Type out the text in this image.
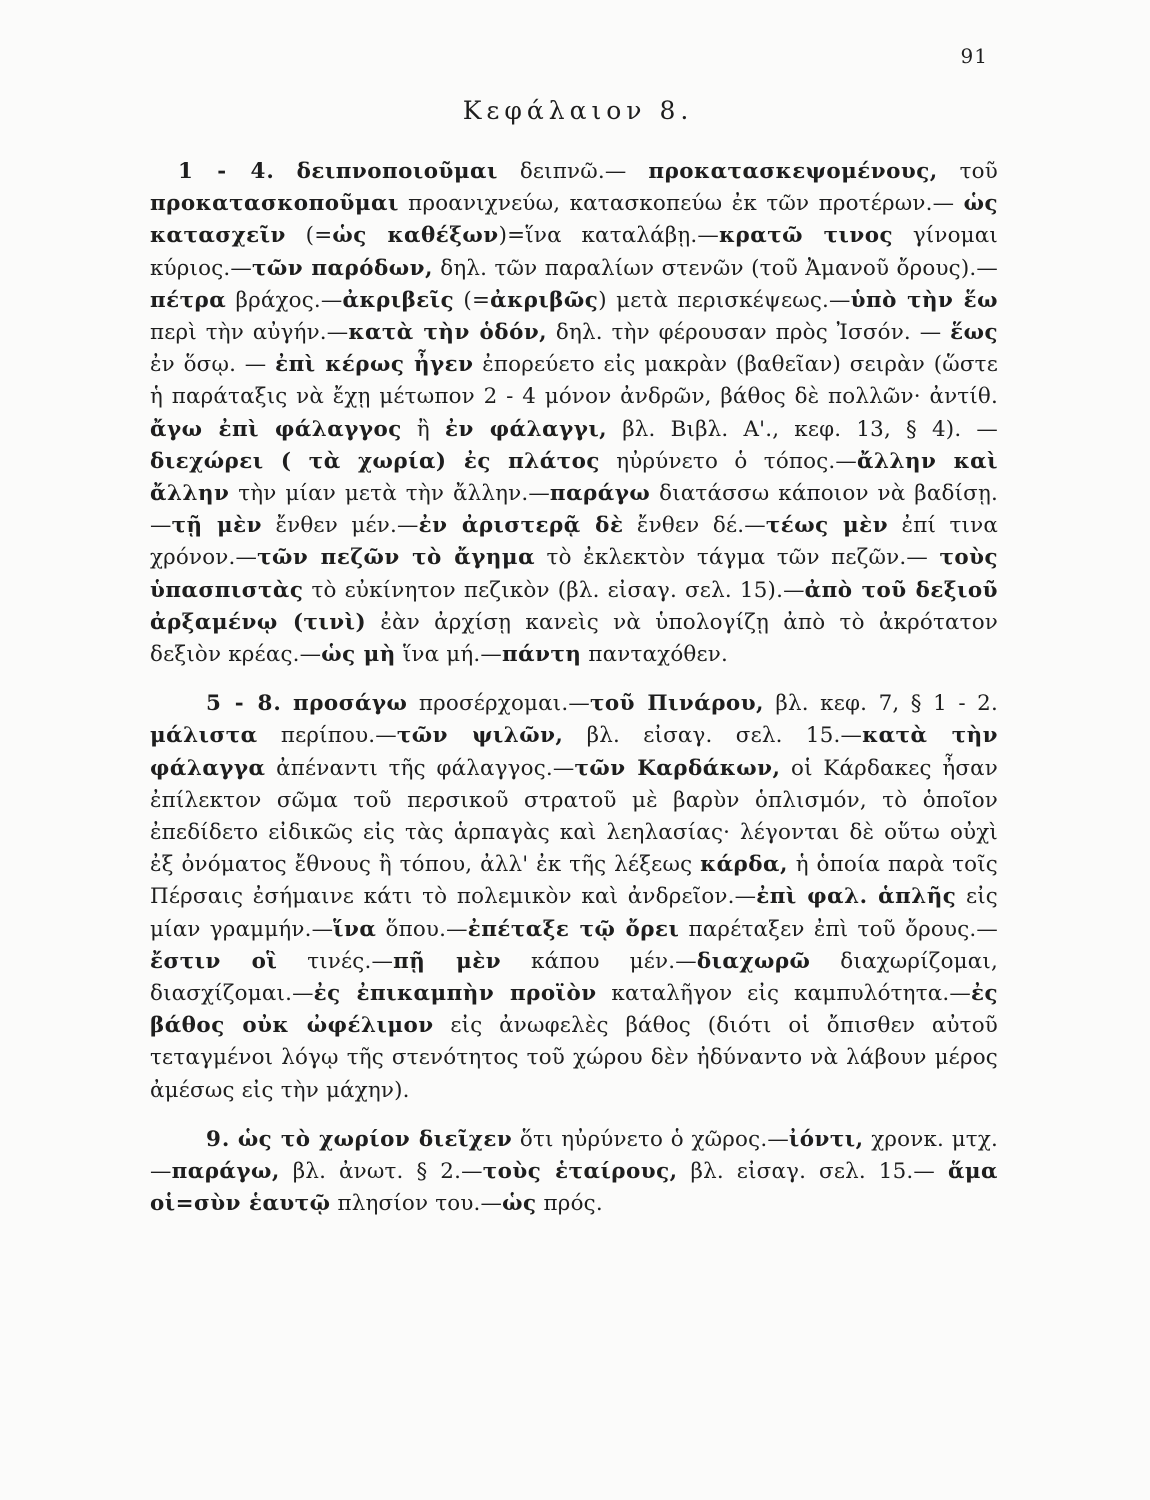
91
Κεφάλαιον 8.

1 - 4. δειπνοποιοῦμαι δειπνῶ.— προκατασκεψομένους, τοῦ προκατασκοποῦμαι προανιχνεύω, κατασκοπεύω ἐκ τῶν προτέρων.— ὡς κατασχεῖν (=ὡς καθέξων)=ἵνα καταλάβῃ.—κρατῶ τινος γίνομαι κύριος.—τῶν παρόδων, δηλ. τῶν παραλίων στενῶν (τοῦ Ἀμανοῦ ὄρους).—πέτρα βράχος.—ἀκριβεῖς (=ἀκριβῶς) μετὰ περισκέψεως.—ὑπὸ τὴν ἕω περὶ τὴν αὐγήν.—κατὰ τὴν ὁδόν, δηλ. τὴν φέρουσαν πρὸς Ἰσσόν. — ἕως ἐν ὅσῳ. — ἐπὶ κέρως ἦγεν ἐπορεύετο εἰς μακρὰν (βαθεῖαν) σειρὰν (ὥστε ἡ παράταξις νὰ ἔχῃ μέτωπον 2 - 4 μόνον ἀνδρῶν, βάθος δὲ πολλῶν· ἀντίθ. ἄγω ἐπὶ φάλαγγος ἢ ἐν φάλαγγι, βλ. Βιβλ. Α'., κεφ. 13, § 4). — διεχώρει ( τὰ χωρία) ἐς πλάτος ηὐρύνετο ὁ τόπος.—ἄλλην καὶ ἄλλην τὴν μίαν μετὰ τὴν ἄλλην.—παράγω διατάσσω κάποιον νὰ βαδίσῃ.—τῇ μὲν ἔνθεν μέν.—ἐν ἀριστερᾷ δὲ ἔνθεν δέ.—τέως μὲν ἐπί τινα χρόνον.—τῶν πεζῶν τὸ ἄγημα τὸ ἐκλεκτὸν τάγμα τῶν πεζῶν.— τοὺς ὑπασπιστὰς τὸ εὐκίνητον πεζικὸν (βλ. εἰσαγ. σελ. 15).—ἀπὸ τοῦ δεξιοῦ ἀρξαμένῳ (τινὶ) ἐὰν ἀρχίσῃ κανεὶς νὰ ὑπολογίζῃ ἀπὸ τὸ ἀκρότατον δεξιὸν κρέας.—ὡς μὴ ἵνα μή.—πάντη πανταχόθεν.

5 - 8. προσάγω προσέρχομαι.—τοῦ Πινάρου, βλ. κεφ. 7, § 1 - 2. μάλιστα περίπου.—τῶν ψιλῶν, βλ. εἰσαγ. σελ. 15.—κατὰ τὴν φάλαγγα ἀπέναντι τῆς φάλαγγος.—τῶν Καρδάκων, οἱ Κάρδακες ἦσαν ἐπίλεκτον σῶμα τοῦ περσικοῦ στρατοῦ μὲ βαρὺν ὁπλισμόν, τὸ ὁποῖον ἐπεδίδετο εἰδικῶς εἰς τὰς ἁρπαγὰς καὶ λεηλασίας· λέγονται δὲ οὕτω οὐχὶ ἐξ ὀνόματος ἔθνους ἢ τόπου, ἀλλ' ἐκ τῆς λέξεως κάρδα, ἡ ὁποία παρὰ τοῖς Πέρσαις ἐσήμαινε κάτι τὸ πολεμικὸν καὶ ἀνδρεῖον.—ἐπὶ φαλ. ἁπλῆς εἰς μίαν γραμμήν.—ἵνα ὅπου.—ἐπέταξε τῷ ὄρει παρέταξεν ἐπὶ τοῦ ὄρους.—ἔστιν οἳ τινές.—πῇ μὲν κάπου μέν.—διαχωρῶ διαχωρίζομαι, διασχίζομαι.—ἐς ἐπικαμπὴν προϊὸν καταλῆγον εἰς καμπυλότητα.—ἐς βάθος οὐκ ὠφέλιμον εἰς ἀνωφελὲς βάθος (διότι οἱ ὄπισθεν αὐτοῦ τεταγμένοι λόγῳ τῆς στενότητος τοῦ χώρου δὲν ἠδύναντο νὰ λάβουν μέρος ἀμέσως εἰς τὴν μάχην).

9. ὡς τὸ χωρίον διεῖχεν ὅτι ηὐρύνετο ὁ χῶρος.—ἰόντι, χρονκ. μτχ.—παράγω, βλ. ἀνωτ. § 2.—τοὺς ἑταίρους, βλ. εἰσαγ. σελ. 15.— ἅμα οἱ=σὺν ἑαυτῷ πλησίον του.—ὡς πρός.
